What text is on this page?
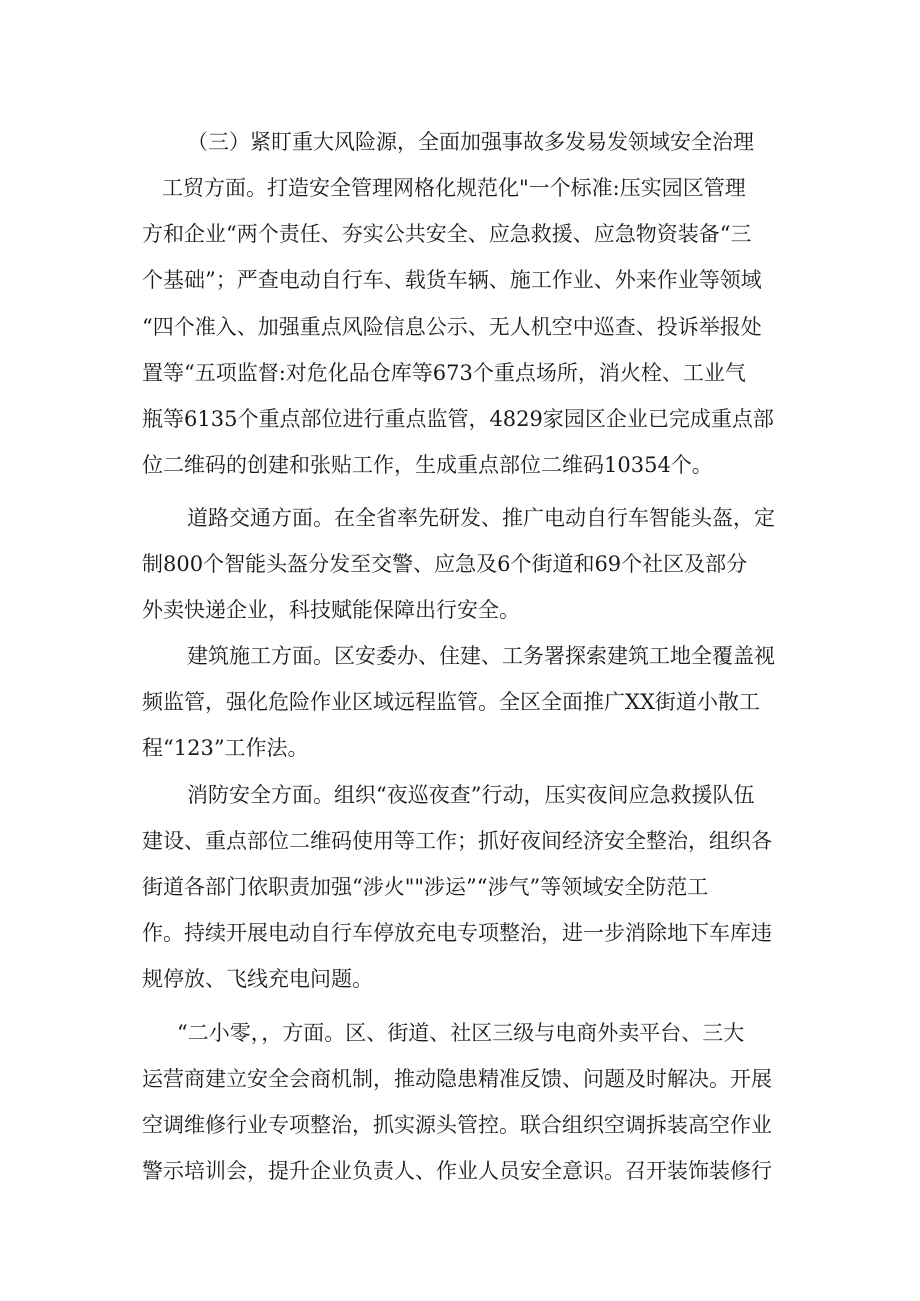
（三）紧盯重大风险源，全面加强事故多发易发领域安全治理
工贸方面。打造安全管理网格化规范化"一个标准:压实园区管理
方和企业“两个责任、夯实公共安全、应急救援、应急物资装备“三
个基础”；严查电动自行车、载货车辆、施工作业、外来作业等领域
“四个准入、加强重点风险信息公示、无人机空中巡查、投诉举报处
置等“五项监督:对危化品仓库等673个重点场所，消火栓、工业气
瓶等6135个重点部位进行重点监管，4829家园区企业已完成重点部
位二维码的创建和张贴工作，生成重点部位二维码10354个。
道路交通方面。在全省率先研发、推广电动自行车智能头盔，定
制800个智能头盔分发至交警、应急及6个街道和69个社区及部分
外卖快递企业，科技赋能保障出行安全。
建筑施工方面。区安委办、住建、工务署探索建筑工地全覆盖视
频监管，强化危险作业区域远程监管。全区全面推广XX街道小散工
程“123”工作法。
消防安全方面。组织“夜巡夜查”行动，压实夜间应急救援队伍
建设、重点部位二维码使用等工作；抓好夜间经济安全整治，组织各
街道各部门依职责加强“涉火""涉运”“涉气”等领域安全防范工
作。持续开展电动自行车停放充电专项整治，进一步消除地下车库违
规停放、飞线充电问题。
“二小零，，方面。区、街道、社区三级与电商外卖平台、三大
运营商建立安全会商机制，推动隐患精准反馈、问题及时解决。开展
空调维修行业专项整治，抓实源头管控。联合组织空调拆装高空作业
警示培训会，提升企业负责人、作业人员安全意识。召开装饰装修行
